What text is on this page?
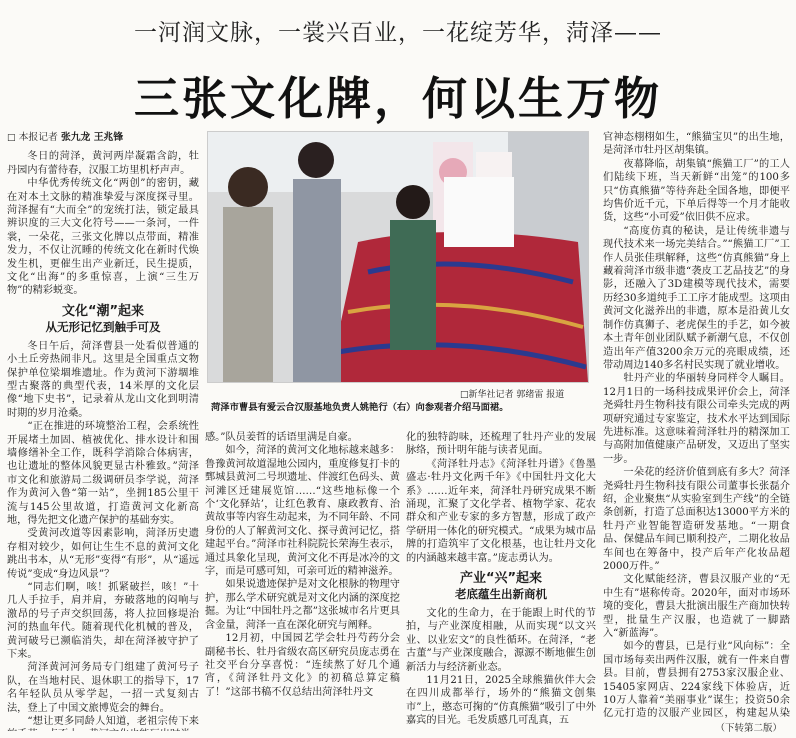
一河润文脉，一裳兴百业，一花绽芳华，菏泽——
三张文化牌，何以生万物
□ 本报记者 张九龙 王兆锋

冬日的菏泽，黄河两岸凝霜含韵，牡丹园内有蕾待春，汉服工坊里机杼声声。

中华优秀传统文化“两创”的密钥，藏在对本土文脉的精准挚爱与深度探寻里。菏泽握有“大而全”的宠统打法，锁定最具辨识度的三大文化符号——一条河，一件裳，一朵花，三张文化牌以点带面，精准发力，不仅让沉睡的传统文化在新时代焕发生机，更催生出产业新迁，民生提质，文化“出海”的多重惊喜，上演“三生万物”的精彩蜕变。

文化“潮”起来
从无形记忆到触手可及

冬日午后，菏泽曹县一处看似普通的小土丘旁热闹非凡。这里是全国重点文物保护单位梁堌堆遗址。作为黄河下游堌堆型古聚落的典型代表，14米厚的文化层像“地下史书”，记录着从龙山文化到明清时期的岁月沧桑。

“正在推进的环境整治工程，会系统性开展堵土加固、植被优化、排水设计和围墙修缮补全工作，既科学消除合体病害，也让遗址的整体风貌更显古朴雅致。”菏泽市文化和旅游局二级调研员李学说，菏泽作为黄河入鲁“第一站”，坐拥185公里干流与145公里故道，打造黄河文化新高地，得先把文化遗产保护的基础夯实。

受黄河改道等因素影响，菏泽历史遗存相对较少，如何让生生不息的黄河文化跳出书本，从“无形”变得“有形”，从“遥远传说”变成“身边风景”？

“同志们啊，咳！抓紧破拦，咳！”十几人手拉手，肩并肩，夯破落地的闷响与激昂的号子声交织回荡，将人拉回修堤治河的热血年代。随着现代化机械的普及，黄河破号已濒临消失，却在菏泽被守护了下来。

菏泽黄河河务局专门组建了黄河号子队，在当地村民、退休职工的指导下，17名年轻队员从零学起，一招一式复刻古法，登上了中国文旅博览会的舞台。

“想让更多同龄人知道，老祖宗传下来

□新华社记者 郭绪雷 报道
菏泽市曹县有爱云合汉服基地负责人姚艳行（右）向参观者介绍马面裙。

感。”队员姜哲的话语里满是自豪。

如今，菏泽的黄河文化地标越来越多：鲁豫黄河故道湿地公园内，重度修复打卡的鄄城县黄河二号坝遗址、伴渡红色码头、黄河滩区迁建展览馆……“这些地标像一个个‘文化驿站’，让红色教育、康政教育、治黄故事等内容生动起来，为不同年龄、不同身份的人了解黄河文化、探寻黄河记忆，搭建起平台。”菏泽市社科院院长荣海生表示，通过具象化呈现，黄河文化不再是冰冷的文字，而是可感可知，可亲可近的精神滋养。

如果说遗迹保护是对文化根脉的物理守护，那么学术研究就是对文化内涵的深度挖掘。为让“中国牡丹之都”这张城市名片更具含金量，菏泽一直在深化研究与阐释。

12月初，中国园艺学会牡丹芍药分会副秘书长、牡丹省级农高区研究员庞志勇在社交平台分享喜悦：“连续熬了好几个通宵，《菏泽牡丹文化》的初稿总算定稿了！”这部书稿不仅总结出菏泽牡丹文

化的独特韵味，还梳理了牡丹产业的发展脉络，预计明年能与读者见面。

《菏泽牡丹志》《菏泽牡丹谱》《鲁墨盛志·牡丹文化两千年》《中国牡丹文化大系》……近年来，菏泽牡丹研究成果不断涌现，汇聚了文化学者、植物学家、花农群众和产业专家的多方智慧，形成了政产学研用一体化的研究模式。“成果为城市品牌的打造筑牢了文化根基，也让牡丹文化的内涵越来越丰富。”庞志勇认为。

产业“兴”起来
老底蕴生出新商机

文化的生命力，在于能跟上时代的节拍，与产业深度相融，从而实现“以文兴业、以业宏文”的良性循环。在菏泽，“老古董”与产业深度融合，源源不断地催生创新活力与经济新业态。

11月21日，2025全球熊猫伙伴大会在四川成都举行，场外的“熊猫文创集市”上，憨态可掬的“仿真熊猫”吸引了中外嘉宾的目光。毛发质感几可乱真，五

官神态栩栩如生，“熊猫宝贝”的出生地，是菏泽市牡丹区胡集镇。

夜幕降临，胡集镇“熊猫工厂”的工人们陆续下班，当天新鲜“出笼”的100多只“仿真熊猫”等待奔赴全国各地，即便平均售价近千元，下单后得等一个月才能收货，这些“小可爱”依旧供不应求。

“高度仿真的秘诀，是让传统非遗与现代技术来一场完美结合。”“熊猫工厂”工作人员张佳琪解释，这些“仿真熊猫”身上藏着菏泽市级非遗“袭皮工艺品技艺”的身影，还融入了3D建模等现代技术，需要历经30多道纯手工工序才能成型。这项由黄河文化滋养出的非遗，原本是沿黄儿女制作仿真狮子、老虎保生的手艺，如今被本土青年创业团队赋予新潮气息，不仅创造出年产值3200余万元的亮眼成绩，还带动周边140多名村民实现了就业增收。

牡丹产业的华丽转身同样令人瞩目。12月1日的一场科技成果评价会上，菏泽尧舜牡丹生物科技有限公司牵头完成的两项研究通过专家鉴定，技术水平达到国际先进标准。这意味着菏泽牡丹的精深加工与高附加值健康产品研发，又迈出了坚实一步。

一朵花的经济价值到底有多大？菏泽尧舜牡丹生物科技有限公司董事长张磊介绍，企业聚焦“从实验室到生产线”的全链条创新，打造了总面积达13000平方米的牡丹产业智能智造研发基地。“一期食品、保健品车间已顺利投产，二期化妆品车间也在筹备中，投产后年产化妆品超2000万件。”

文化赋能经济，曹县汉服产业的“无中生有”堪称传奇。2020年，面对市场环境的变化，曹县大批演出服生产商加快转型，批量生产汉服，也造就了一脚踏入“新蓝海”。

如今的曹县，已是行业“风向标”：全国市场每卖出两件汉服，就有一件来自曹县。目前，曹县拥有2753家汉服企业、15405家网店、224家线下体验店，近10万人靠着“美丽事业”谋生；投资50余亿元打造的汉服产业园区，构建起从染

（下转第二版）
